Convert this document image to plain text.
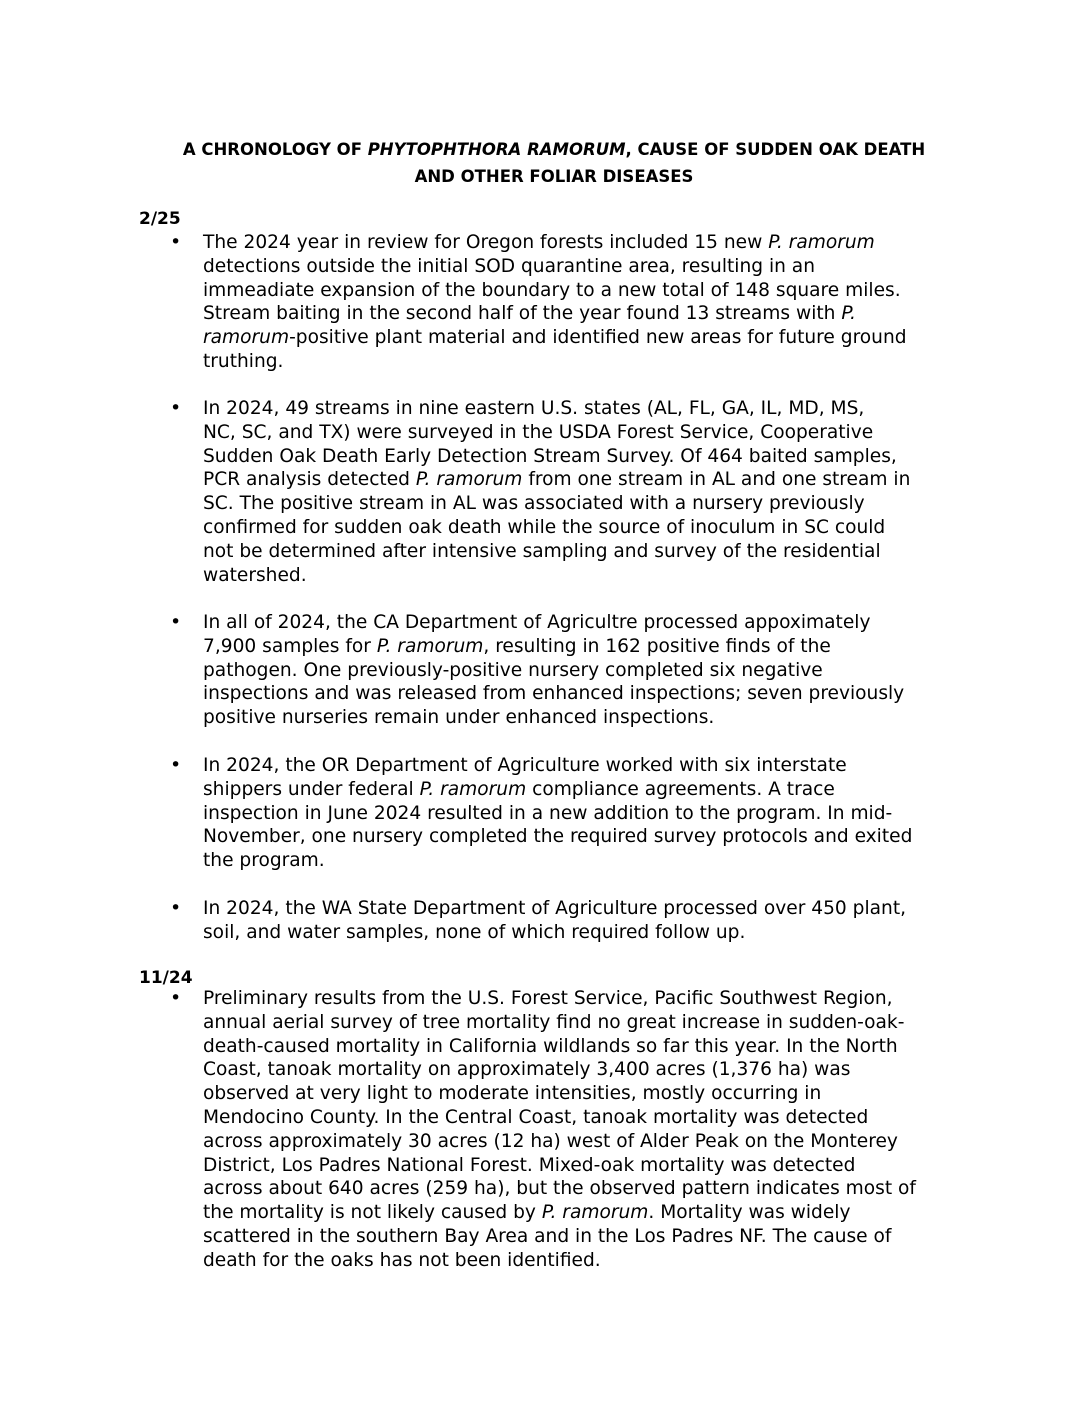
A CHRONOLOGY OF PHYTOPHTHORA RAMORUM, CAUSE OF SUDDEN OAK DEATH
AND OTHER FOLIAR DISEASES
2/25
• The 2024 year in review for Oregon forests included 15 new P. ramorum
detections outside the initial SOD quarantine area, resulting in an
immeadiate expansion of the boundary to a new total of 148 square miles.
Stream baiting in the second half of the year found 13 streams with P.
ramorum-positive plant material and identified new areas for future ground
truthing.
• In 2024, 49 streams in nine eastern U.S. states (AL, FL, GA, IL, MD, MS,
NC, SC, and TX) were surveyed in the USDA Forest Service, Cooperative
Sudden Oak Death Early Detection Stream Survey. Of 464 baited samples,
PCR analysis detected P. ramorum from one stream in AL and one stream in
SC. The positive stream in AL was associated with a nursery previously
confirmed for sudden oak death while the source of inoculum in SC could
not be determined after intensive sampling and survey of the residential
watershed.
• In all of 2024, the CA Department of Agricultre processed appoximately
7,900 samples for P. ramorum, resulting in 162 positive finds of the
pathogen. One previously-positive nursery completed six negative
inspections and was released from enhanced inspections; seven previously
positive nurseries remain under enhanced inspections.
• In 2024, the OR Department of Agriculture worked with six interstate
shippers under federal P. ramorum compliance agreements. A trace
inspection in June 2024 resulted in a new addition to the program. In mid-
November, one nursery completed the required survey protocols and exited
the program.
• In 2024, the WA State Department of Agriculture processed over 450 plant,
soil, and water samples, none of which required follow up.
11/24
• Preliminary results from the U.S. Forest Service, Pacific Southwest Region,
annual aerial survey of tree mortality find no great increase in sudden-oak-
death-caused mortality in California wildlands so far this year. In the North
Coast, tanoak mortality on approximately 3,400 acres (1,376 ha) was
observed at very light to moderate intensities, mostly occurring in
Mendocino County. In the Central Coast, tanoak mortality was detected
across approximately 30 acres (12 ha) west of Alder Peak on the Monterey
District, Los Padres National Forest. Mixed-oak mortality was detected
across about 640 acres (259 ha), but the observed pattern indicates most of
the mortality is not likely caused by P. ramorum. Mortality was widely
scattered in the southern Bay Area and in the Los Padres NF. The cause of
death for the oaks has not been identified.
